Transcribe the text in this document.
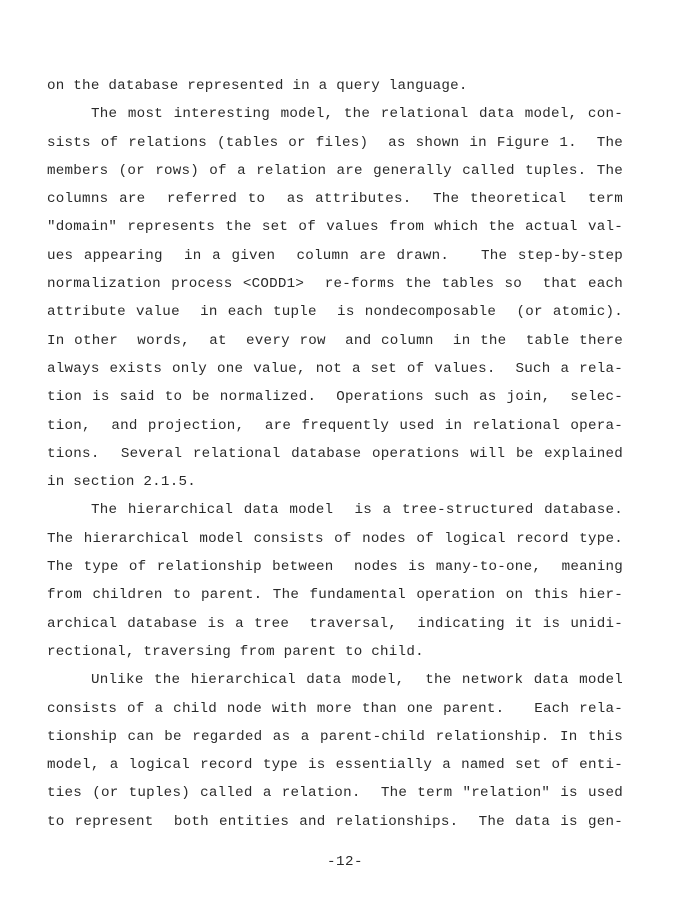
on the database represented in a query language.
The most interesting model, the relational data model, con-
sists of relations (tables or files)  as shown in Figure 1.  The
members (or rows) of a relation are generally called tuples. The
columns are  referred to  as attributes.  The theoretical  term
"domain" represents the set of values from which the actual val-
ues appearing  in a given  column are drawn.   The step-by-step
normalization process <CODD1>  re-forms the tables so  that each
attribute value  in each tuple  is nondecomposable  (or atomic).
In other  words,  at  every row  and column  in the  table there
always exists only one value, not a set of values.  Such a rela-
tion is said to be normalized.  Operations such as join,  selec-
tion,  and projection,  are frequently used in relational opera-
tions.  Several relational database operations will be explained
in section 2.1.5.
The hierarchical data model  is a tree-structured database.
The hierarchical model consists of nodes of logical record type.
The type of relationship between  nodes is many-to-one,  meaning
from children to parent. The fundamental operation on this hier-
archical database is a tree  traversal,  indicating it is unidi-
rectional, traversing from parent to child.
Unlike the hierarchical data model,  the network data model
consists of a child node with more than one parent.   Each rela-
tionship can be regarded as a parent-child relationship. In this
model, a logical record type is essentially a named set of enti-
ties (or tuples) called a relation.  The term "relation" is used
to represent  both entities and relationships.  The data is gen-
-12-
